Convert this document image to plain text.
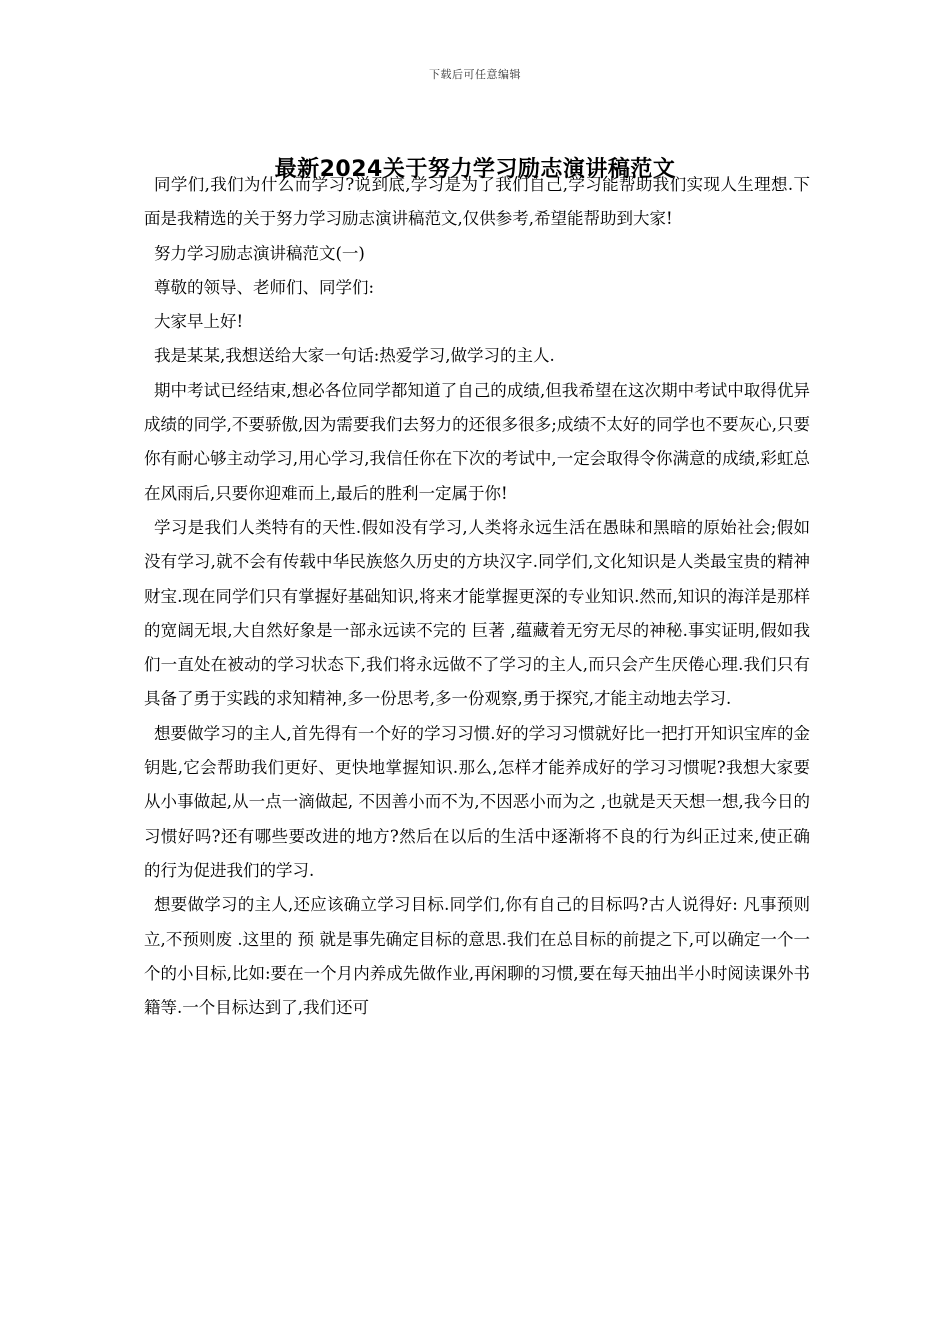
下载后可任意编辑

同学们,我们为什么而学习?说到底,学习是为了我们自己,学习能帮助我们实现人生理想.下面是我精选的关于努力学习励志演讲稿范文,仅供参考,希望能帮助到大家!

努力学习励志演讲稿范文(一)

尊敬的领导、老师们、同学们:

大家早上好!

我是某某,我想送给大家一句话:热爱学习,做学习的主人.

期中考试已经结束,想必各位同学都知道了自己的成绩,但我希望在这次期中考试中取得优异成绩的同学,不要骄傲,因为需要我们去努力的还很多很多;成绩不太好的同学也不要灰心,只要你有耐心够主动学习,用心学习,我信任你在下次的考试中,一定会取得令你满意的成绩,彩虹总在风雨后,只要你迎难而上,最后的胜利一定属于你!

学习是我们人类特有的天性.假如没有学习,人类将永远生活在愚昧和黑暗的原始社会;假如没有学习,就不会有传载中华民族悠久历史的方块汉字.同学们,文化知识是人类最宝贵的精神财宝.现在同学们只有掌握好基础知识,将来才能掌握更深的专业知识.然而,知识的海洋是那样的宽阔无垠,大自然好象是一部永远读不完的 巨著 ,蕴藏着无穷无尽的神秘.事实证明,假如我们一直处在被动的学习状态下,我们将永远做不了学习的主人,而只会产生厌倦心理.我们只有具备了勇于实践的求知精神,多一份思考,多一份观察,勇于探究,才能主动地去学习.

想要做学习的主人,首先得有一个好的学习习惯.好的学习习惯就好比一把打开知识宝库的金钥匙,它会帮助我们更好、更快地掌握知识.那么,怎样才能养成好的学习习惯呢?我想大家要从小事做起,从一点一滴做起, 不因善小而不为,不因恶小而为之 ,也就是天天想一想,我今日的习惯好吗?还有哪些要改进的地方?然后在以后的生活中逐渐将不良的行为纠正过来,使正确的行为促进我们的学习.

想要做学习的主人,还应该确立学习目标.同学们,你有自己的目标吗?古人说得好: 凡事预则立,不预则废 .这里的 预 就是事先确定目标的意思.我们在总目标的前提之下,可以确定一个一个的小目标,比如:要在一个月内养成先做作业,再闲聊的习惯,要在每天抽出半小时阅读课外书籍等.一个目标达到了,我们还可

最新2024关于努力学习励志演讲稿范文
